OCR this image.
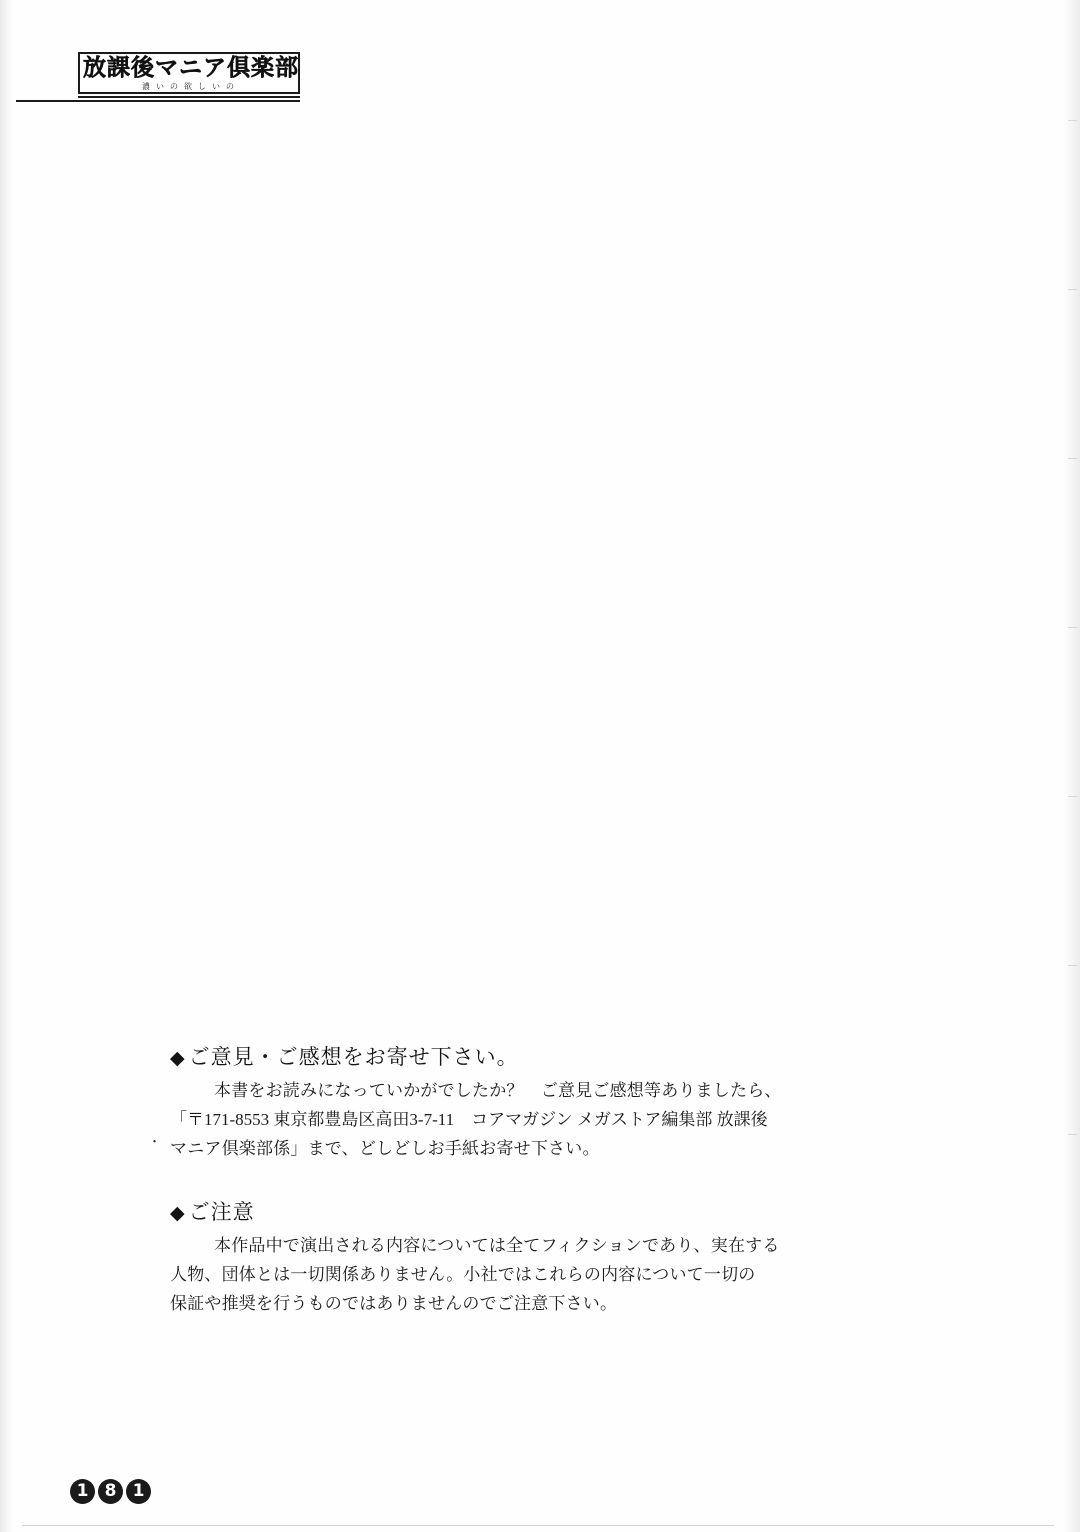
放課後マニア倶楽部
濃いの欲しいの
◆ ご意見・ご感想をお寄せ下さい。
本書をお読みになっていかがでしたか？　ご意見ご感想等ありましたら、
「〒171-8553 東京都豊島区高田3-7-11　コアマガジン メガストア編集部 放課後
マニア倶楽部係」まで、どしどしお手紙お寄せ下さい。
◆ ご注意
本作品中で演出される内容については全てフィクションであり、実在する
人物、団体とは一切関係ありません。小社ではこれらの内容について一切の
保証や推奨を行うものではありませんのでご注意下さい。
・
1 8 1
